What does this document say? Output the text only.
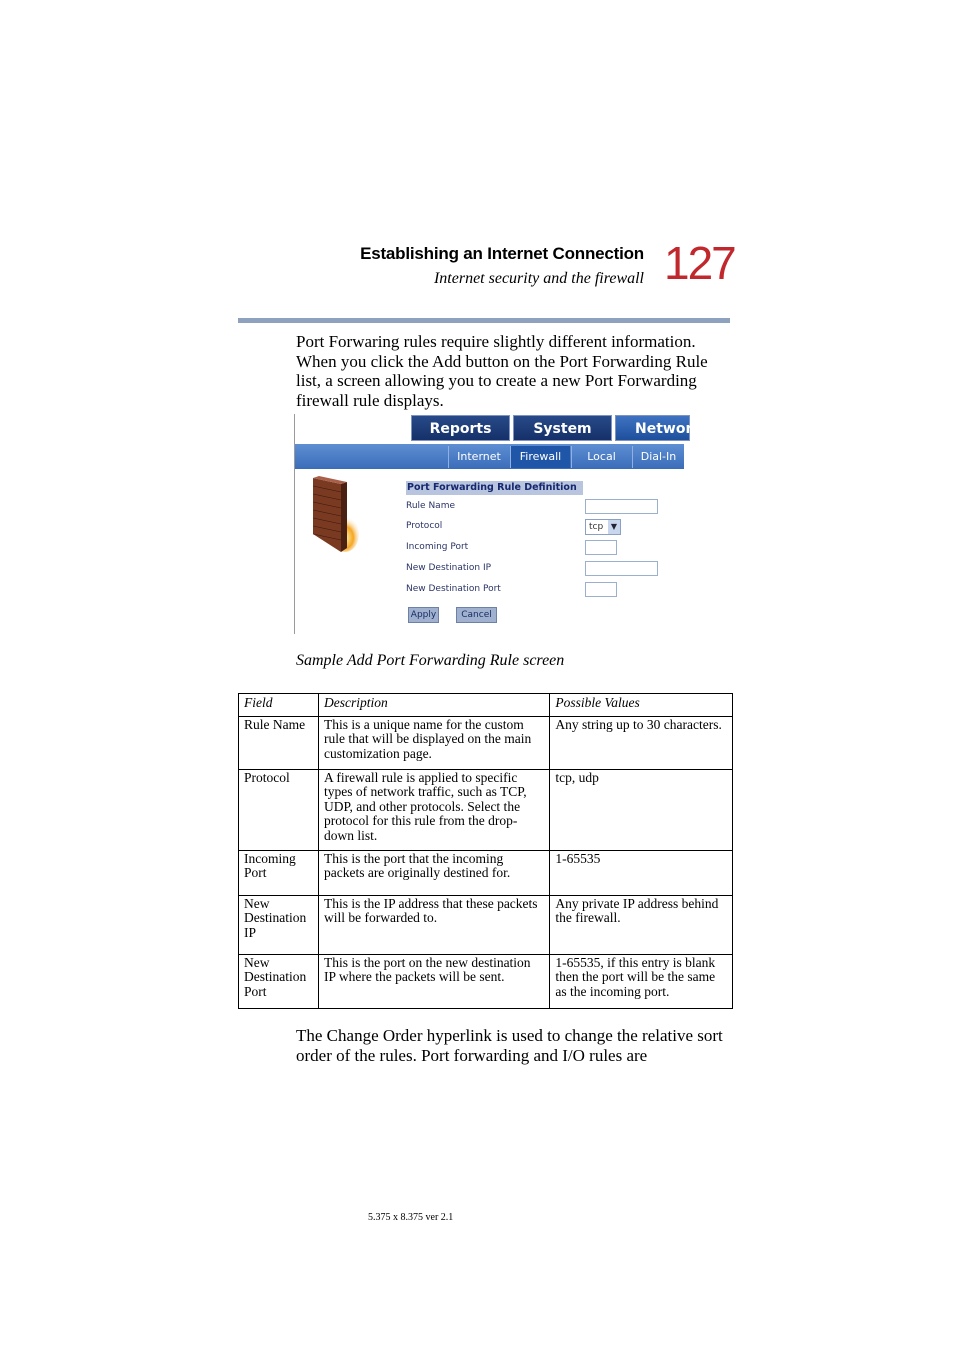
Establishing an Internet Connection
Internet security and the firewall 127
Port Forwaring rules require slightly different information. When you click the Add button on the Port Forwarding Rule list, a screen allowing you to create a new Port Forwarding firewall rule displays.
Reports	System	Networ
Internet	Firewall	Local	Dial-In
Port Forwarding Rule Definition
Rule Name
Protocol	tcp ▼
Incoming Port
New Destination IP
New Destination Port
Apply	Cancel
Sample Add Port Forwarding Rule screen
Field	Description	Possible Values
Rule Name	This is a unique name for the custom rule that will be displayed on the main customization page.	Any string up to 30 characters.
Protocol	A firewall rule is applied to specific types of network traffic, such as TCP, UDP, and other protocols. Select the protocol for this rule from the drop-down list.	tcp, udp
Incoming Port	This is the port that the incoming packets are originally destined for.	1-65535
New Destination IP	This is the IP address that these packets will be forwarded to.	Any private IP address behind the firewall.
New Destination Port	This is the port on the new destination IP where the packets will be sent.	1-65535, if this entry is blank then the port will be the same as the incoming port.
The Change Order hyperlink is used to change the relative sort order of the rules. Port forwarding and I/O rules are
5.375 x 8.375 ver 2.1
